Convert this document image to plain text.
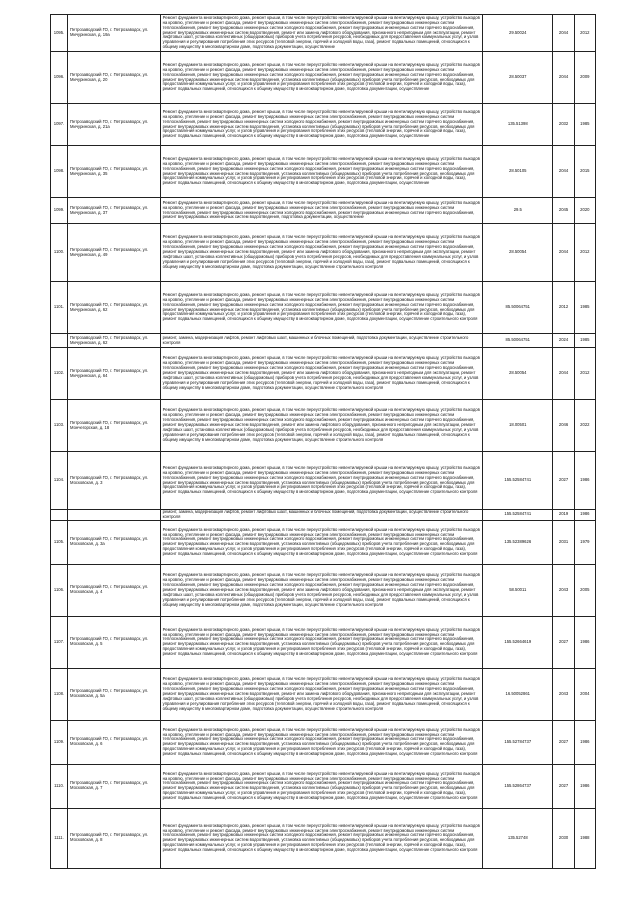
1095.	Петрозаводский ГО, г. Петрозаводск, ул. Мичуринская, д. 19а	Ремонт фундамента многоквартирного дома, ремонт крыши, в том числе переустройство невентилируемой крыши на вентилируемую крышу, устройство выходов на кровлю, утепление и ремонт фасада, ремонт внутридомовых инженерных систем электроснабжения, ремонт внутридомовых инженерных систем теплоснабжения, ремонт внутридомовых инженерных систем холодного водоснабжения, ремонт внутридомовых инженерных систем горячего водоснабжения, ремонт внутридомовых инженерных систем водоотведения, ремонт или замена лифтового оборудования, признанного непригодным для эксплуатации, ремонт лифтовых шахт, установка коллективных (общедомовых) приборов учета потребления ресурсов, необходимых для предоставления коммунальных услуг, и узлов управления и регулирования потребления этих ресурсов (тепловой энергии, горячей и холодной воды, газа), ремонт подвальных помещений, относящихся к общему имуществу в многоквартирном доме, подготовка документации, осуществление	29.50024	2044	2012
1096.	Петрозаводский ГО, г. Петрозаводск, ул. Мичуринская, д. 20	Ремонт фундамента многоквартирного дома, ремонт крыши, в том числе переустройство невентилируемой крыши на вентилируемую крышу, устройство выходов на кровлю, утепление и ремонт фасада, ремонт внутридомовых инженерных систем электроснабжения, ремонт внутридомовых инженерных систем теплоснабжения, ремонт внутридомовых инженерных систем холодного водоснабжения, ремонт внутридомовых инженерных систем горячего водоснабжения, ремонт внутридомовых инженерных систем водоотведения, установка коллективных (общедомовых) приборов учета потребления ресурсов, необходимых для предоставления коммунальных услуг, и узлов управления и регулирования потребления этих ресурсов (тепловой энергии, горячей и холодной воды, газа), ремонт подвальных помещений, относящихся к общему имуществу в многоквартирном доме, подготовка документации, осуществление	28.50037	2044	2009
1097.	Петрозаводский ГО, г. Петрозаводск, ул. Мичуринская, д. 21а	Ремонт фундамента многоквартирного дома, ремонт крыши, в том числе переустройство невентилируемой крыши на вентилируемую крышу, устройство выходов на кровлю, утепление и ремонт фасада, ремонт внутридомовых инженерных систем электроснабжения, ремонт внутридомовых инженерных систем теплоснабжения, ремонт внутридомовых инженерных систем холодного водоснабжения, ремонт внутридомовых инженерных систем горячего водоснабжения, ремонт внутридомовых инженерных систем водоотведения, установка коллективных (общедомовых) приборов учета потребления ресурсов, необходимых для предоставления коммунальных услуг, и узлов управления и регулирования потребления этих ресурсов (тепловой энергии, горячей и холодной воды, газа), ремонт подвальных помещений, относящихся к общему имуществу в многоквартирном доме, подготовка документации, осуществление	135.51398	2032	1985
1098.	Петрозаводский ГО, г. Петрозаводск, ул. Мичуринская, д. 35	Ремонт фундамента многоквартирного дома, ремонт крыши, в том числе переустройство невентилируемой крыши на вентилируемую крышу, устройство выходов на кровлю, утепление и ремонт фасада, ремонт внутридомовых инженерных систем электроснабжения, ремонт внутридомовых инженерных систем теплоснабжения, ремонт внутридомовых инженерных систем холодного водоснабжения, ремонт внутридомовых инженерных систем горячего водоснабжения, ремонт внутридомовых инженерных систем водоотведения, установка коллективных (общедомовых) приборов учета потребления ресурсов, необходимых для предоставления коммунальных услуг, и узлов управления и регулирования потребления этих ресурсов (тепловой энергии, горячей и холодной воды, газа), ремонт подвальных помещений, относящихся к общему имуществу в многоквартирном доме, подготовка документации, осуществление	28.50105	2044	2015
1099.	Петрозаводский ГО, г. Петрозаводск, ул. Мичуринская, д. 37	Ремонт фундамента многоквартирного дома, ремонт крыши, в том числе переустройство невентилируемой крыши на вентилируемую крышу, устройство выходов на кровлю, утепление и ремонт фасада, ремонт внутридомовых инженерных систем электроснабжения, ремонт внутридомовых инженерных систем теплоснабжения, ремонт внутридомовых инженерных систем холодного водоснабжения, ремонт внутридомовых инженерных систем горячего водоснабжения, ремонт внутридомовых инженерных систем водоотведения, подготовка документации, осуществление	29.5	2045	2020
1100.	Петрозаводский ГО, г. Петрозаводск, ул. Мичуринская, д. 49	Ремонт фундамента многоквартирного дома, ремонт крыши, в том числе переустройство невентилируемой крыши на вентилируемую крышу, устройство выходов на кровлю, утепление и ремонт фасада, ремонт внутридомовых инженерных систем электроснабжения, ремонт внутридомовых инженерных систем теплоснабжения, ремонт внутридомовых инженерных систем холодного водоснабжения, ремонт внутридомовых инженерных систем горячего водоснабжения, ремонт внутридомовых инженерных систем водоотведения, ремонт или замена лифтового оборудования, признанного непригодным для эксплуатации, ремонт лифтовых шахт, установка коллективных (общедомовых) приборов учета потребления ресурсов, необходимых для предоставления коммунальных услуг, и узлов управления и регулирования потребления этих ресурсов (тепловой энергии, горячей и холодной воды, газа), ремонт подвальных помещений, относящихся к общему имуществу в многоквартирном доме, подготовка документации, осуществление строительного контроля	28.50054	2044	2012
1101.	Петрозаводский ГО, г. Петрозаводск, ул. Мичуринская, д. 62	Ремонт фундамента многоквартирного дома, ремонт крыши, в том числе переустройство невентилируемой крыши на вентилируемую крышу, устройство выходов на кровлю, утепление и ремонт фасада, ремонт внутридомовых инженерных систем электроснабжения, ремонт внутридомовых инженерных систем теплоснабжения, ремонт внутридомовых инженерных систем холодного водоснабжения, ремонт внутридомовых инженерных систем горячего водоснабжения, ремонт внутридомовых инженерных систем водоотведения, установка коллективных (общедомовых) приборов учета потребления ресурсов, необходимых для предоставления коммунальных услуг, и узлов управления и регулирования потребления этих ресурсов (тепловой энергии, горячей и холодной воды, газа), ремонт подвальных помещений, относящихся к общему имуществу в многоквартирном доме, подготовка документации, осуществление строительного контроля	85.50064751	2012	1985
	Петрозаводский ГО, г. Петрозаводск, ул. Мичуринская, д. 62	ремонт, замена, модернизация лифтов, ремонт лифтовых шахт, машинных и блочных помещений, подготовка документации, осуществление строительного контроля	85.50064751	2024	1985
1102.	Петрозаводский ГО, г. Петрозаводск, ул. Мичуринская, д. 64	Ремонт фундамента многоквартирного дома, ремонт крыши, в том числе переустройство невентилируемой крыши на вентилируемую крышу, устройство выходов на кровлю, утепление и ремонт фасада, ремонт внутридомовых инженерных систем электроснабжения, ремонт внутридомовых инженерных систем теплоснабжения, ремонт внутридомовых инженерных систем холодного водоснабжения, ремонт внутридомовых инженерных систем горячего водоснабжения, ремонт внутридомовых инженерных систем водоотведения, ремонт или замена лифтового оборудования, признанного непригодным для эксплуатации, ремонт лифтовых шахт, установка коллективных (общедомовых) приборов учета потребления ресурсов, необходимых для предоставления коммунальных услуг, и узлов управления и регулирования потребления этих ресурсов (тепловой энергии, горячей и холодной воды, газа), ремонт подвальных помещений, относящихся к общему имуществу в многоквартирном доме, подготовка документации, осуществление строительного контроля	28.50054	2044	2012
1103.	Петрозаводский ГО, г. Петрозаводск, ул. Мончегорская, д. 18	Ремонт фундамента многоквартирного дома, ремонт крыши, в том числе переустройство невентилируемой крыши на вентилируемую крышу, устройство выходов на кровлю, утепление и ремонт фасада, ремонт внутридомовых инженерных систем электроснабжения, ремонт внутридомовых инженерных систем теплоснабжения, ремонт внутридомовых инженерных систем холодного водоснабжения, ремонт внутридомовых инженерных систем горячего водоснабжения, ремонт внутридомовых инженерных систем водоотведения, ремонт или замена лифтового оборудования, признанного непригодным для эксплуатации, ремонт лифтовых шахт, установка коллективных (общедомовых) приборов учета потребления ресурсов, необходимых для предоставления коммунальных услуг, и узлов управления и регулирования потребления этих ресурсов (тепловой энергии, горячей и холодной воды, газа), ремонт подвальных помещений, относящихся к общему имуществу в многоквартирном доме, подготовка документации, осуществление строительного контроля	18.00501	2046	2022
1104.	Петрозаводский ГО, г. Петрозаводск, ул. Московская, д. 3	Ремонт фундамента многоквартирного дома, ремонт крыши, в том числе переустройство невентилируемой крыши на вентилируемую крышу, устройство выходов на кровлю, утепление и ремонт фасада, ремонт внутридомовых инженерных систем электроснабжения, ремонт внутридомовых инженерных систем теплоснабжения, ремонт внутридомовых инженерных систем холодного водоснабжения, ремонт внутридомовых инженерных систем горячего водоснабжения, ремонт внутридомовых инженерных систем водоотведения, установка коллективных (общедомовых) приборов учета потребления ресурсов, необходимых для предоставления коммунальных услуг, и узлов управления и регулирования потребления этих ресурсов (тепловой энергии, горячей и холодной воды, газа), ремонт подвальных помещений, относящихся к общему имуществу в многоквартирном доме, подготовка документации, осуществление строительного контроля	155.52584741	2027	1986
		ремонт, замена, модернизация лифтов, ремонт лифтовых шахт, машинных и блочных помещений, подготовка документации, осуществление строительного контроля	155.52584741	2019	1986
1105.	Петрозаводский ГО, г. Петрозаводск, ул. Московская, д. 3а	Ремонт фундамента многоквартирного дома, ремонт крыши, в том числе переустройство невентилируемой крыши на вентилируемую крышу, устройство выходов на кровлю, утепление и ремонт фасада, ремонт внутридомовых инженерных систем электроснабжения, ремонт внутридомовых инженерных систем теплоснабжения, ремонт внутридомовых инженерных систем холодного водоснабжения, ремонт внутридомовых инженерных систем горячего водоснабжения, ремонт внутридомовых инженерных систем водоотведения, установка коллективных (общедомовых) приборов учета потребления ресурсов, необходимых для предоставления коммунальных услуг, и узлов управления и регулирования потребления этих ресурсов (тепловой энергии, горячей и холодной воды, газа), ремонт подвальных помещений, относящихся к общему имуществу в многоквартирном доме, подготовка документации, осуществление строительного контроля	135.52389626	2031	1979
1106.	Петрозаводский ГО, г. Петрозаводск, ул. Московская, д. 4	Ремонт фундамента многоквартирного дома, ремонт крыши, в том числе переустройство невентилируемой крыши на вентилируемую крышу, устройство выходов на кровлю, утепление и ремонт фасада, ремонт внутридомовых инженерных систем электроснабжения, ремонт внутридомовых инженерных систем теплоснабжения, ремонт внутридомовых инженерных систем холодного водоснабжения, ремонт внутридомовых инженерных систем горячего водоснабжения, ремонт внутридомовых инженерных систем водоотведения, ремонт или замена лифтового оборудования, признанного непригодным для эксплуатации, ремонт лифтовых шахт, установка коллективных (общедомовых) приборов учета потребления ресурсов, необходимых для предоставления коммунальных услуг, и узлов управления и регулирования потребления этих ресурсов (тепловой энергии, горячей и холодной воды, газа), ремонт подвальных помещений, относящихся к общему имуществу в многоквартирном доме, подготовка документации, осуществление строительного контроля	58.50011	2043	2005
1107.	Петрозаводский ГО, г. Петрозаводск, ул. Московская, д. 5	Ремонт фундамента многоквартирного дома, ремонт крыши, в том числе переустройство невентилируемой крыши на вентилируемую крышу, устройство выходов на кровлю, утепление и ремонт фасада, ремонт внутридомовых инженерных систем электроснабжения, ремонт внутридомовых инженерных систем теплоснабжения, ремонт внутридомовых инженерных систем холодного водоснабжения, ремонт внутридомовых инженерных систем горячего водоснабжения, ремонт внутридомовых инженерных систем водоотведения, установка коллективных (общедомовых) приборов учета потребления ресурсов, необходимых для предоставления коммунальных услуг, и узлов управления и регулирования потребления этих ресурсов (тепловой энергии, горячей и холодной воды, газа), ремонт подвальных помещений, относящихся к общему имуществу в многоквартирном доме, подготовка документации, осуществление строительного контроля	155.52664619	2027	1986
1108.	Петрозаводский ГО, г. Петрозаводск, ул. Московская, д. 5а	Ремонт фундамента многоквартирного дома, ремонт крыши, в том числе переустройство невентилируемой крыши на вентилируемую крышу, устройство выходов на кровлю, утепление и ремонт фасада, ремонт внутридомовых инженерных систем электроснабжения, ремонт внутридомовых инженерных систем теплоснабжения, ремонт внутридомовых инженерных систем холодного водоснабжения, ремонт внутридомовых инженерных систем горячего водоснабжения, ремонт внутридомовых инженерных систем водоотведения, ремонт или замена лифтового оборудования, признанного непригодным для эксплуатации, ремонт лифтовых шахт, установка коллективных (общедомовых) приборов учета потребления ресурсов, необходимых для предоставления коммунальных услуг, и узлов управления и регулирования потребления этих ресурсов (тепловой энергии, горячей и холодной воды, газа), ремонт подвальных помещений, относящихся к общему имуществу в многоквартирном доме, подготовка документации, осуществление строительного контроля	16.50052861	2043	2004
1109.	Петрозаводский ГО, г. Петрозаводск, ул. Московская, д. 6	Ремонт фундамента многоквартирного дома, ремонт крыши, в том числе переустройство невентилируемой крыши на вентилируемую крышу, устройство выходов на кровлю, утепление и ремонт фасада, ремонт внутридомовых инженерных систем электроснабжения, ремонт внутридомовых инженерных систем теплоснабжения, ремонт внутридомовых инженерных систем холодного водоснабжения, ремонт внутридомовых инженерных систем горячего водоснабжения, ремонт внутридомовых инженерных систем водоотведения, установка коллективных (общедомовых) приборов учета потребления ресурсов, необходимых для предоставления коммунальных услуг, и узлов управления и регулирования потребления этих ресурсов (тепловой энергии, горячей и холодной воды, газа), ремонт подвальных помещений, относящихся к общему имуществу в многоквартирном доме, подготовка документации, осуществление строительного контроля	155.52784737	2027	1986
1110.	Петрозаводский ГО, г. Петрозаводск, ул. Московская, д. 7	Ремонт фундамента многоквартирного дома, ремонт крыши, в том числе переустройство невентилируемой крыши на вентилируемую крышу, устройство выходов на кровлю, утепление и ремонт фасада, ремонт внутридомовых инженерных систем электроснабжения, ремонт внутридомовых инженерных систем теплоснабжения, ремонт внутридомовых инженерных систем холодного водоснабжения, ремонт внутридомовых инженерных систем горячего водоснабжения, ремонт внутридомовых инженерных систем водоотведения, установка коллективных (общедомовых) приборов учета потребления ресурсов, необходимых для предоставления коммунальных услуг, и узлов управления и регулирования потребления этих ресурсов (тепловой энергии, горячей и холодной воды, газа), ремонт подвальных помещений, относящихся к общему имуществу в многоквартирном доме, подготовка документации, осуществление строительного контроля	155.52864737	2027	1986
1111.	Петрозаводский ГО, г. Петрозаводск, ул. Московская, д. 8	Ремонт фундамента многоквартирного дома, ремонт крыши, в том числе переустройство невентилируемой крыши на вентилируемую крышу, устройство выходов на кровлю, утепление и ремонт фасада, ремонт внутридомовых инженерных систем электроснабжения, ремонт внутридомовых инженерных систем теплоснабжения, ремонт внутридомовых инженерных систем холодного водоснабжения, ремонт внутридомовых инженерных систем горячего водоснабжения, ремонт внутридомовых инженерных систем водоотведения, установка коллективных (общедомовых) приборов учета потребления ресурсов, необходимых для предоставления коммунальных услуг, и узлов управления и регулирования потребления этих ресурсов (тепловой энергии, горячей и холодной воды, газа), ремонт подвальных помещений, относящихся к общему имуществу в многоквартирном доме, подготовка документации, осуществление строительного контроля	135.52748	2030	1988
